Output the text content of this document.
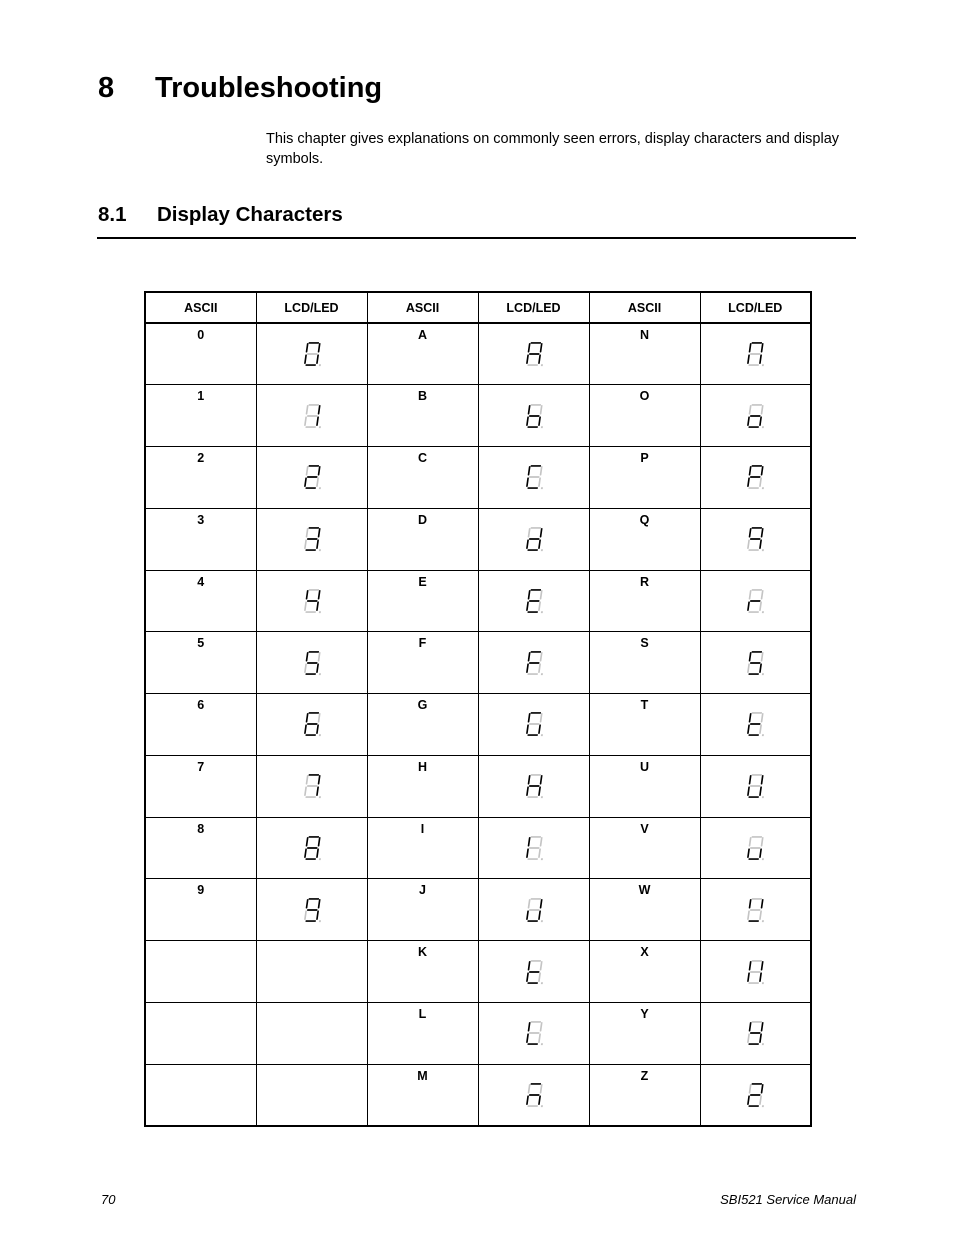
8 Troubleshooting

This chapter gives explanations on commonly seen errors, display characters and display symbols.

8.1 Display Characters
ASCII	LCD/LED	ASCII	LCD/LED	ASCII	LCD/LED
0		A		N	

1		B		O	

2		C		P	

3		D		Q	

4		E		R	

5		F		S	

6		G		T	

7		H		U	

8		I		V	

9		J		W	

		K		X	

		L		Y	

		M		Z	
70	SBI521 Service Manual
